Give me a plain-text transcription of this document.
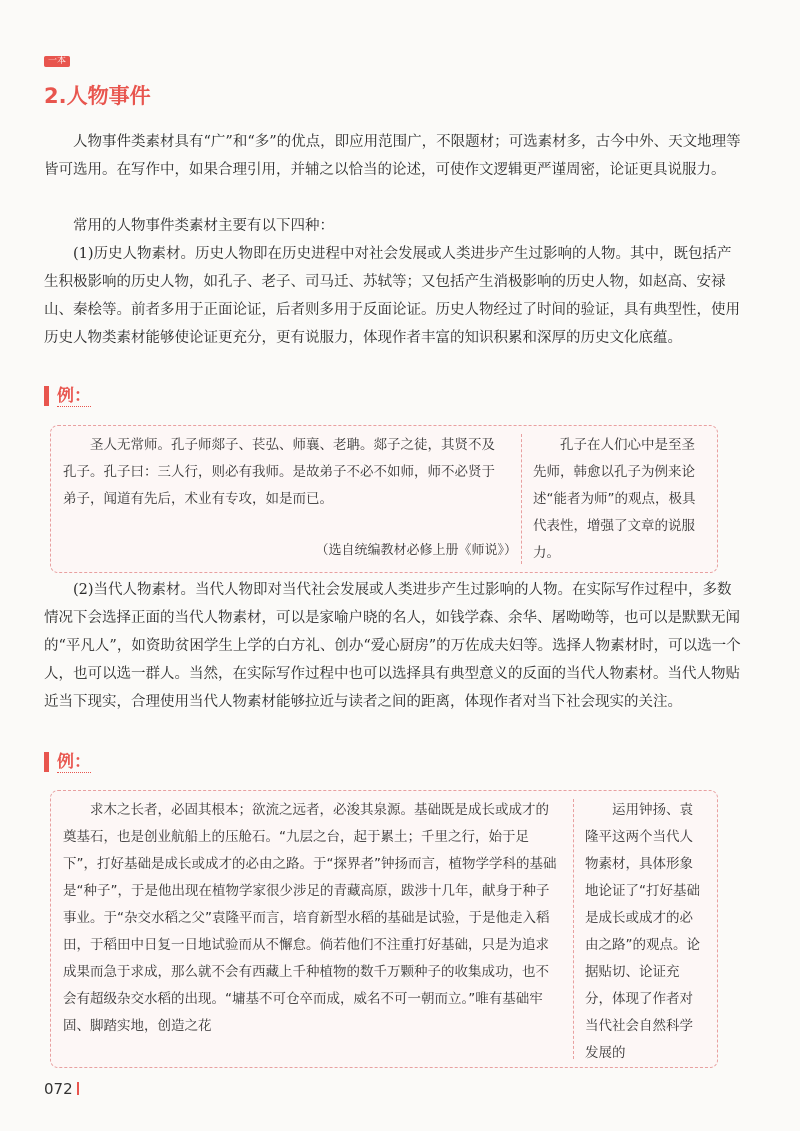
一本
2.人物事件

人物事件类素材具有“广”和“多”的优点，即应用范围广，不限题材；可选素材多，古今中外、天文地理等皆可选用。在写作中，如果合理引用，并辅之以恰当的论述，可使作文逻辑更严谨周密，论证更具说服力。

常用的人物事件类素材主要有以下四种：

(1)历史人物素材。历史人物即在历史进程中对社会发展或人类进步产生过影响的人物。其中，既包括产生积极影响的历史人物，如孔子、老子、司马迁、苏轼等；又包括产生消极影响的历史人物，如赵高、安禄山、秦桧等。前者多用于正面论证，后者则多用于反面论证。历史人物经过了时间的验证，具有典型性，使用历史人物类素材能够使论证更充分，更有说服力，体现作者丰富的知识积累和深厚的历史文化底蕴。

例：
圣人无常师。孔子师郯子、苌弘、师襄、老聃。郯子之徒，其贤不及孔子。孔子曰：三人行，则必有我师。是故弟子不必不如师，师不必贤于弟子，闻道有先后，术业有专攻，如是而已。
（选自统编教材必修上册《师说》）
孔子在人们心中是至圣先师，韩愈以孔子为例来论述“能者为师”的观点，极具代表性，增强了文章的说服力。

(2)当代人物素材。当代人物即对当代社会发展或人类进步产生过影响的人物。在实际写作过程中，多数情况下会选择正面的当代人物素材，可以是家喻户晓的名人，如钱学森、余华、屠呦呦等，也可以是默默无闻的“平凡人”，如资助贫困学生上学的白方礼、创办“爱心厨房”的万佐成夫妇等。选择人物素材时，可以选一个人，也可以选一群人。当然，在实际写作过程中也可以选择具有典型意义的反面的当代人物素材。当代人物贴近当下现实，合理使用当代人物素材能够拉近与读者之间的距离，体现作者对当下社会现实的关注。

例：
求木之长者，必固其根本；欲流之远者，必浚其泉源。基础既是成长或成才的奠基石，也是创业航船上的压舱石。“九层之台，起于累土；千里之行，始于足下”，打好基础是成长或成才的必由之路。于“探界者”钟扬而言，植物学学科的基础是“种子”，于是他出现在植物学家很少涉足的青藏高原，跋涉十几年，献身于种子事业。于“杂交水稻之父”袁隆平而言，培育新型水稻的基础是试验，于是他走入稻田，于稻田中日复一日地试验而从不懈怠。倘若他们不注重打好基础，只是为追求成果而急于求成，那么就不会有西藏上千种植物的数千万颗种子的收集成功，也不会有超级杂交水稻的出现。“墉基不可仓卒而成，威名不可一朝而立。”唯有基础牢固、脚踏实地，创造之花
运用钟扬、袁隆平这两个当代人物素材，具体形象地论证了“打好基础是成长或成才的必由之路”的观点。论据贴切、论证充分，体现了作者对当代社会自然科学发展的
072
